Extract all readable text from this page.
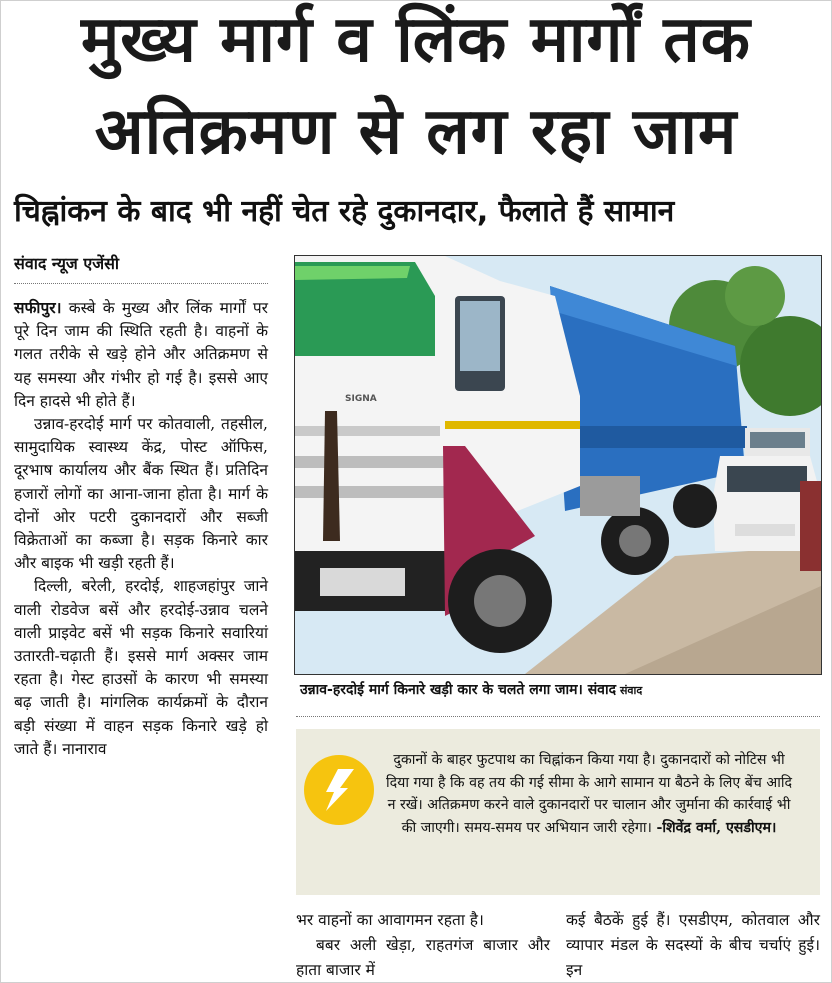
मुख्य मार्ग व लिंक मार्गों तक
अतिक्रमण से लग रहा जाम
चिह्नांकन के बाद भी नहीं चेत रहे दुकानदार, फैलाते हैं सामान
संवाद न्यूज एजेंसी

सफीपुर। कस्बे के मुख्य और लिंक मार्गों पर पूरे दिन जाम की स्थिति रहती है। वाहनों के गलत तरीके से खड़े होने और अतिक्रमण से यह समस्या और गंभीर हो गई है। इससे आए दिन हादसे भी होते हैं।

उन्नाव-हरदोई मार्ग पर कोतवाली, तहसील, सामुदायिक स्वास्थ्य केंद्र, पोस्ट ऑफिस, दूरभाष कार्यालय और बैंक स्थित हैं। प्रतिदिन हजारों लोगों का आना-जाना होता है। मार्ग के दोनों ओर पटरी दुकानदारों और सब्जी विक्रेताओं का कब्जा है। सड़क किनारे कार और बाइक भी खड़ी रहती हैं।

दिल्ली, बरेली, हरदोई, शाहजहांपुर जाने वाली रोडवेज बसें और हरदोई-उन्नाव चलने वाली प्राइवेट बसें भी सड़क किनारे सवारियां उतारती-चढ़ाती हैं। इससे मार्ग अक्सर जाम रहता है। गेस्ट हाउसों के कारण भी समस्या बढ़ जाती है। मांगलिक कार्यक्रमों के दौरान बड़ी संख्या में वाहन सड़क किनारे खड़े हो जाते हैं। नानाराव

SIGNA
उन्नाव-हरदोई मार्ग किनारे खड़ी कार के चलते लगा जाम। संवाद संवाद
दुकानों के बाहर फुटपाथ का चिह्नांकन किया गया है। दुकानदारों को नोटिस भी दिया गया है कि वह तय की गई सीमा के आगे सामान या बैठने के लिए बेंच आदि न रखें। अतिक्रमण करने वाले दुकानदारों पर चालान और जुर्माना की कार्रवाई भी की जाएगी। समय-समय पर अभियान जारी रहेगा। -शिवेंद्र वर्मा, एसडीएम।

भर वाहनों का आवागमन रहता है।

बबर अली खेड़ा, राहतगंज बाजार और हाता बाजार में

कई बैठकें हुई हैं। एसडीएम, कोतवाल और व्यापार मंडल के सदस्यों के बीच चर्चाएं हुई। इन
